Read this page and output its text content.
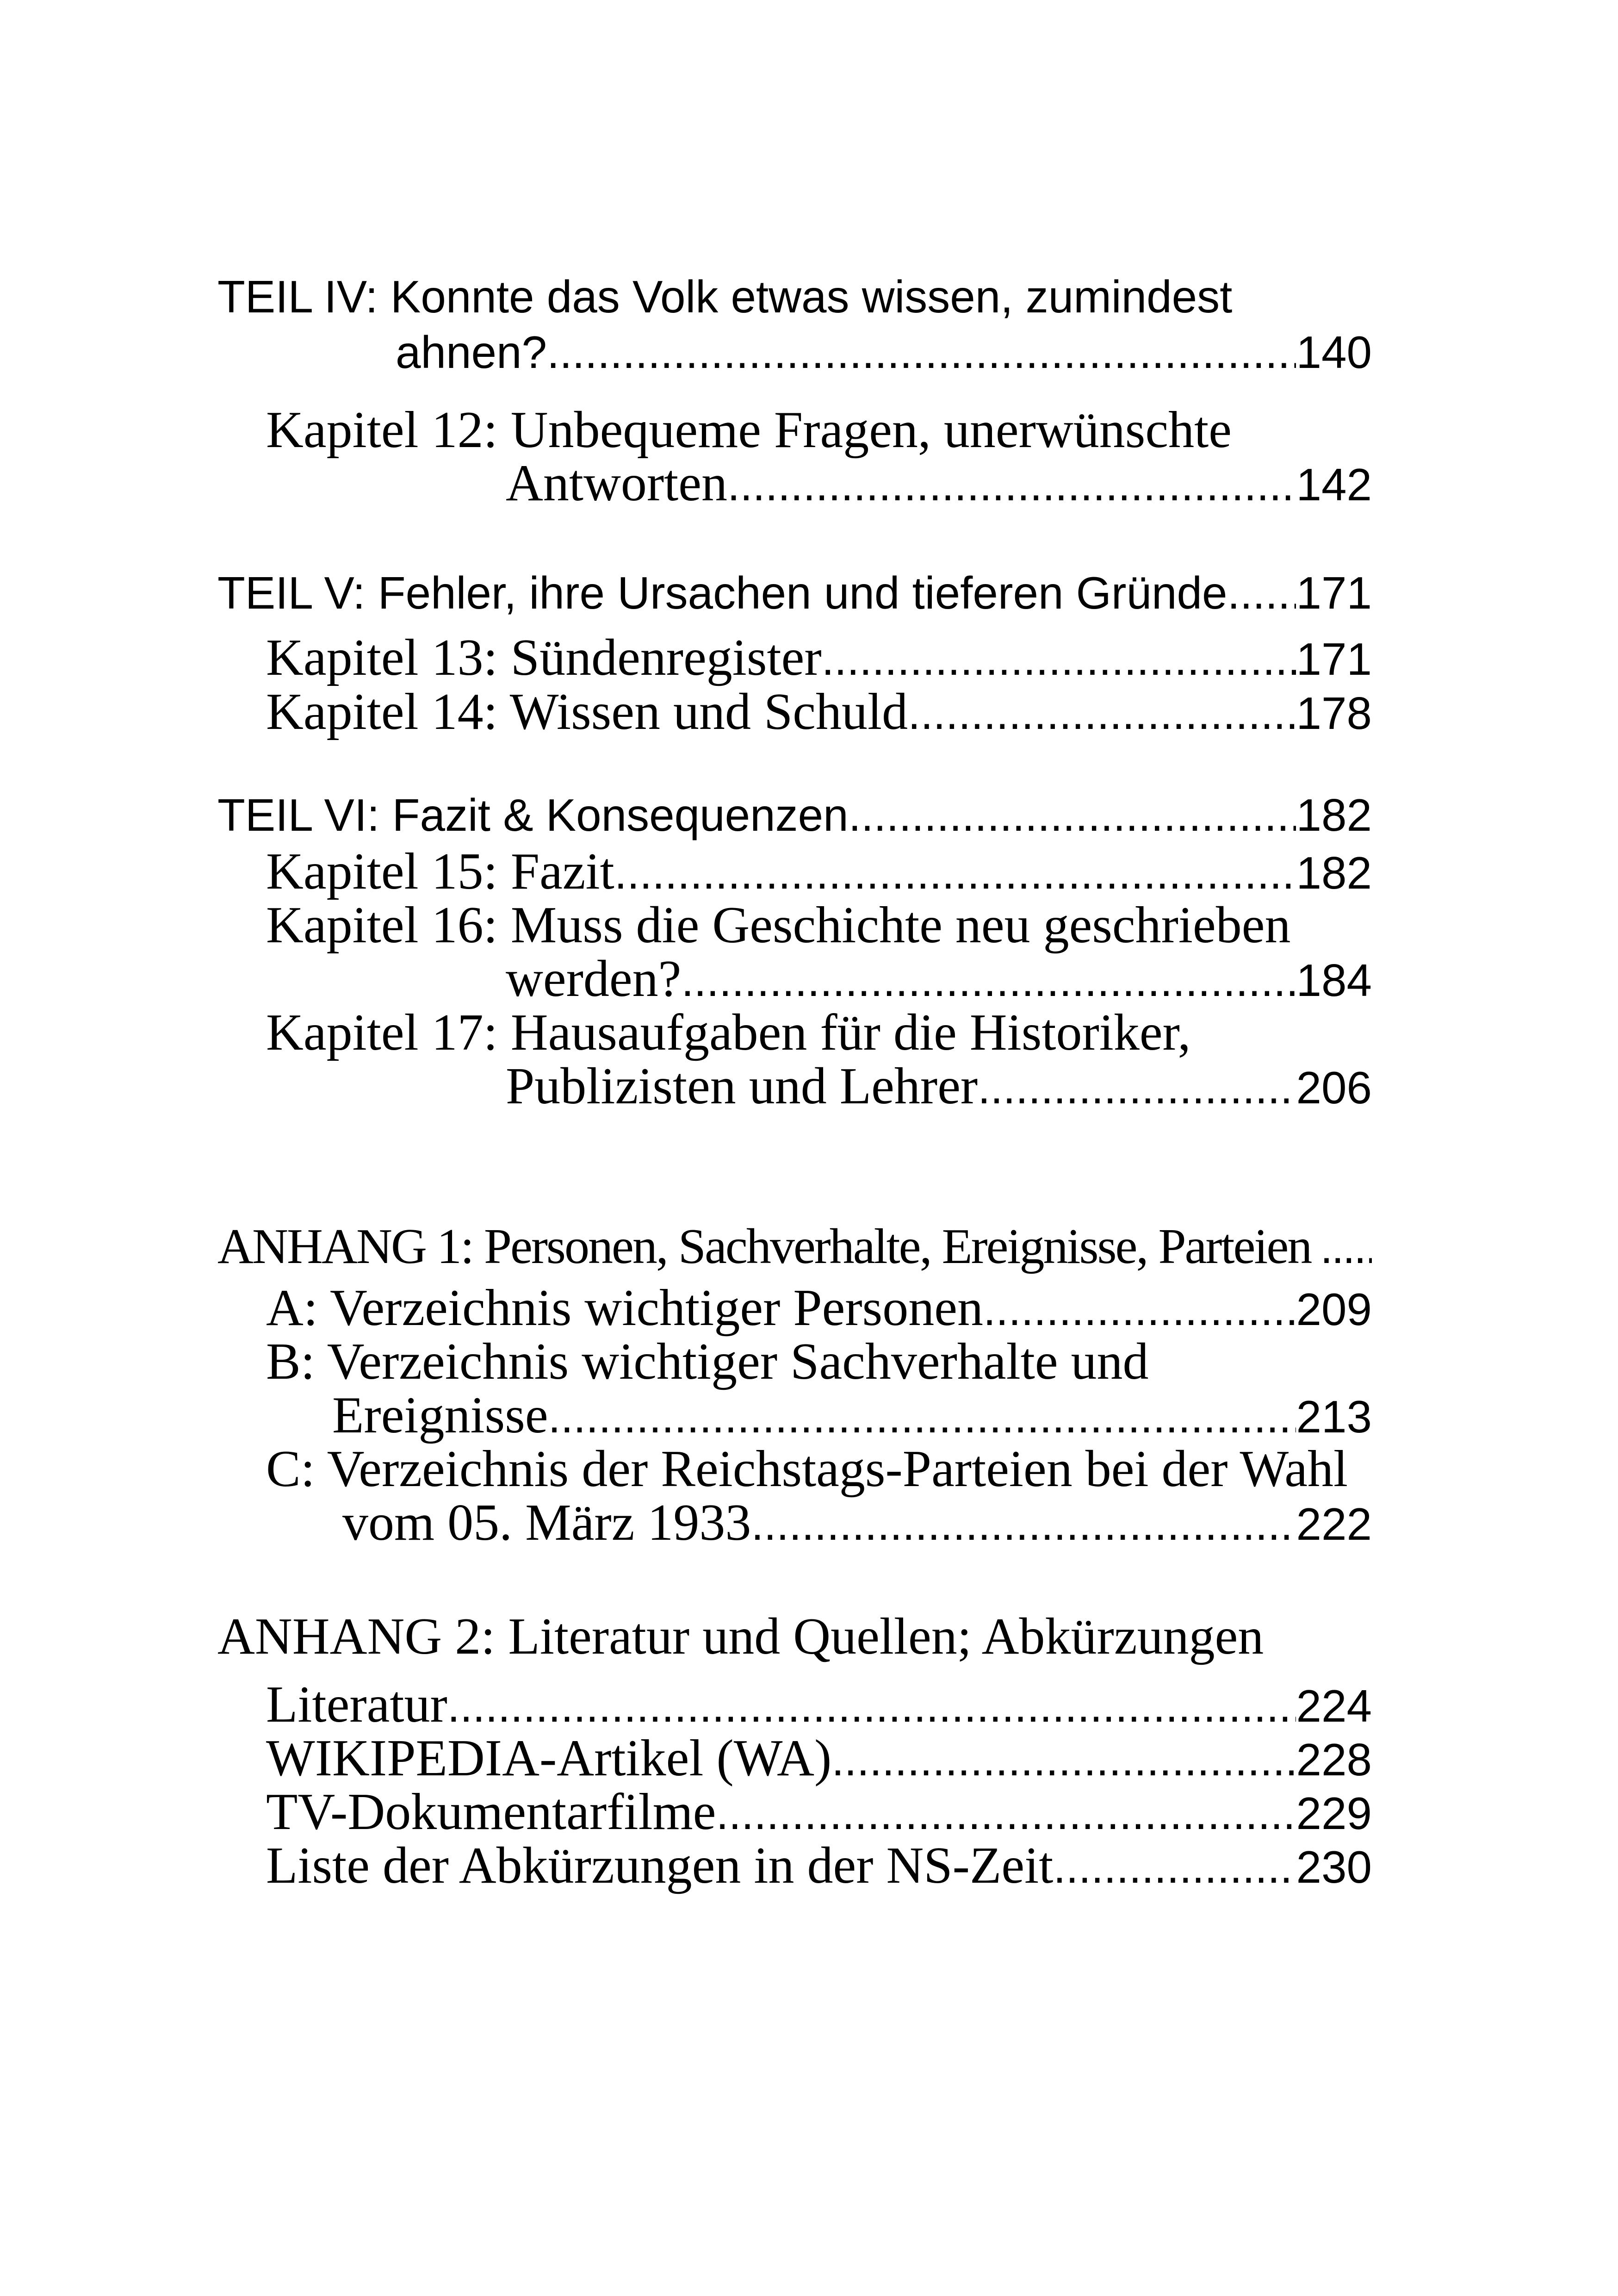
TEIL IV: Konnte das Volk etwas wissen, zumindest
ahnen? .....	140
Kapitel 12: Unbequeme Fragen, unerwünschte
Antworten .....	142
TEIL V: Fehler, ihre Ursachen und tieferen Gründe ..... 171
Kapitel 13: Sündenregister .....	171
Kapitel 14: Wissen und Schuld .....	178
TEIL VI: Fazit & Konsequenzen .....	182
Kapitel 15: Fazit .....	182
Kapitel 16: Muss die Geschichte neu geschrieben
werden? .....	184
Kapitel 17: Hausaufgaben für die Historiker,
Publizisten und Lehrer .....	206
ANHANG 1: Personen, Sachverhalte, Ereignisse, Parteien
.....
A: Verzeichnis wichtiger Personen .....	209
B: Verzeichnis wichtiger Sachverhalte und
Ereignisse .....	213
C: Verzeichnis der Reichstags-Parteien bei der Wahl
vom 05. März 1933 .....	222
ANHANG 2: Literatur und Quellen; Abkürzungen
Literatur .....	224
WIKIPEDIA-Artikel (WA) .....	228
TV-Dokumentarfilme .....	229
Liste der Abkürzungen in der NS-Zeit .....	230
